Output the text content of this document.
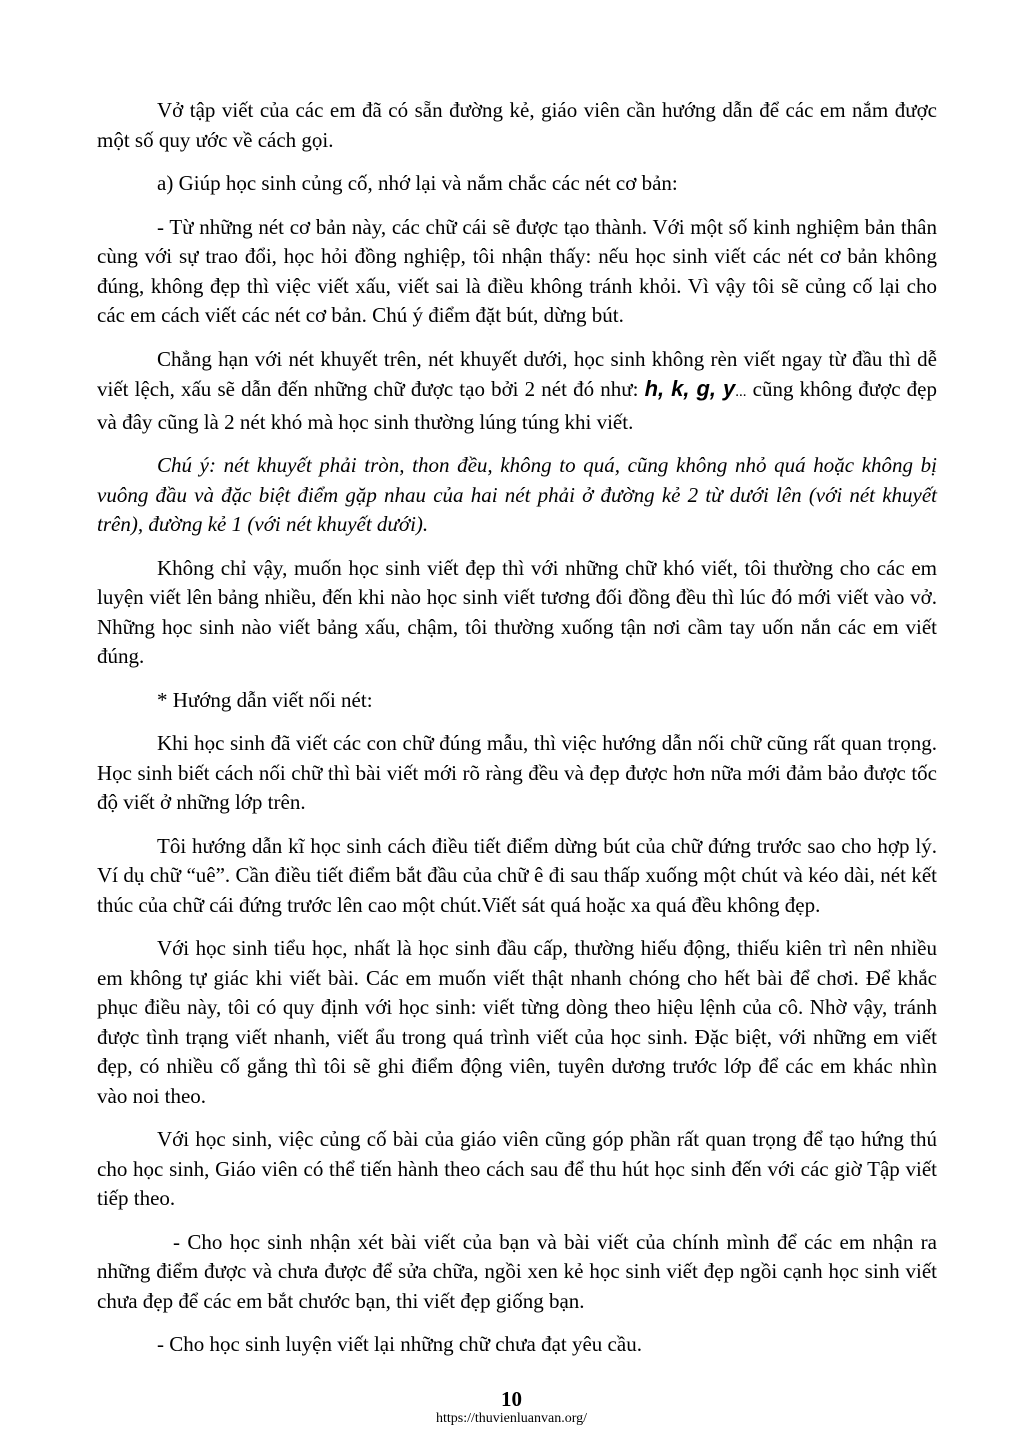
Vở tập viết của các em đã có sẵn đường kẻ, giáo viên cần hướng dẫn để các em nắm được một số quy ước về cách gọi.

a) Giúp học sinh củng cố, nhớ lại và nắm chắc các nét cơ bản:

- Từ những nét cơ bản này, các chữ cái sẽ được tạo thành. Với một số kinh nghiệm bản thân cùng với sự trao đổi, học hỏi đồng nghiệp, tôi nhận thấy: nếu học sinh viết các nét cơ bản không đúng, không đẹp thì việc viết xấu, viết sai là điều không tránh khỏi. Vì vậy tôi sẽ củng cố lại cho các em cách viết các nét cơ bản. Chú ý điểm đặt bút, dừng bút.

Chẳng hạn với nét khuyết trên, nét khuyết dưới, học sinh không rèn viết ngay từ đầu thì dễ viết lệch, xấu sẽ dẫn đến những chữ được tạo bởi 2 nét đó như: h, k, g, y... cũng không được đẹp và đây cũng là 2 nét khó mà học sinh thường lúng túng khi viết.

Chú ý: nét khuyết phải tròn, thon đều, không to quá, cũng không nhỏ quá hoặc không bị vuông đầu và đặc biệt điểm gặp nhau của hai nét phải ở đường kẻ 2 từ dưới lên (với nét khuyết trên), đường kẻ 1 (với nét khuyết dưới).

Không chỉ vậy, muốn học sinh viết đẹp thì với những chữ khó viết, tôi thường cho các em luyện viết lên bảng nhiều, đến khi nào học sinh viết tương đối đồng đều thì lúc đó mới viết vào vở. Những học sinh nào viết bảng xấu, chậm, tôi thường xuống tận nơi cầm tay uốn nắn các em viết đúng.

* Hướng dẫn viết nối nét:

Khi học sinh đã viết các con chữ đúng mẫu, thì việc hướng dẫn nối chữ cũng rất quan trọng. Học sinh biết cách nối chữ thì bài viết mới rõ ràng đều và đẹp được hơn nữa mới đảm bảo được tốc độ viết ở những lớp trên.

Tôi hướng dẫn kĩ học sinh cách điều tiết điểm dừng bút của chữ đứng trước sao cho hợp lý. Ví dụ chữ “uê”. Cần điều tiết điểm bắt đầu của chữ ê đi sau thấp xuống một chút và kéo dài, nét kết thúc của chữ cái đứng trước lên cao một chút.Viết sát quá hoặc xa quá đều không đẹp.

Với học sinh tiểu học, nhất là học sinh đầu cấp, thường hiếu động, thiếu kiên trì nên nhiều em không tự giác khi viết bài. Các em muốn viết thật nhanh chóng cho hết bài để chơi. Để khắc phục điều này, tôi có quy định với học sinh: viết từng dòng theo hiệu lệnh của cô. Nhờ vậy, tránh được tình trạng viết nhanh, viết ẩu trong quá trình viết của học sinh. Đặc biệt, với những em viết đẹp, có nhiều cố gắng thì tôi sẽ ghi điểm động viên, tuyên dương trước lớp để các em khác nhìn vào noi theo.

Với học sinh, việc củng cố bài của giáo viên cũng góp phần rất quan trọng để tạo hứng thú cho học sinh, Giáo viên có thể tiến hành theo cách sau để thu hút học sinh đến với các giờ Tập viết tiếp theo.

- Cho học sinh nhận xét bài viết của bạn và bài viết của chính mình để các em nhận ra những điểm được và chưa được để sửa chữa, ngồi xen kẻ học sinh viết đẹp ngồi cạnh học sinh viết chưa đẹp để các em bắt chước bạn, thi viết đẹp giống bạn.

- Cho học sinh luyện viết lại những chữ chưa đạt yêu cầu.

10
https://thuvienluanvan.org/
